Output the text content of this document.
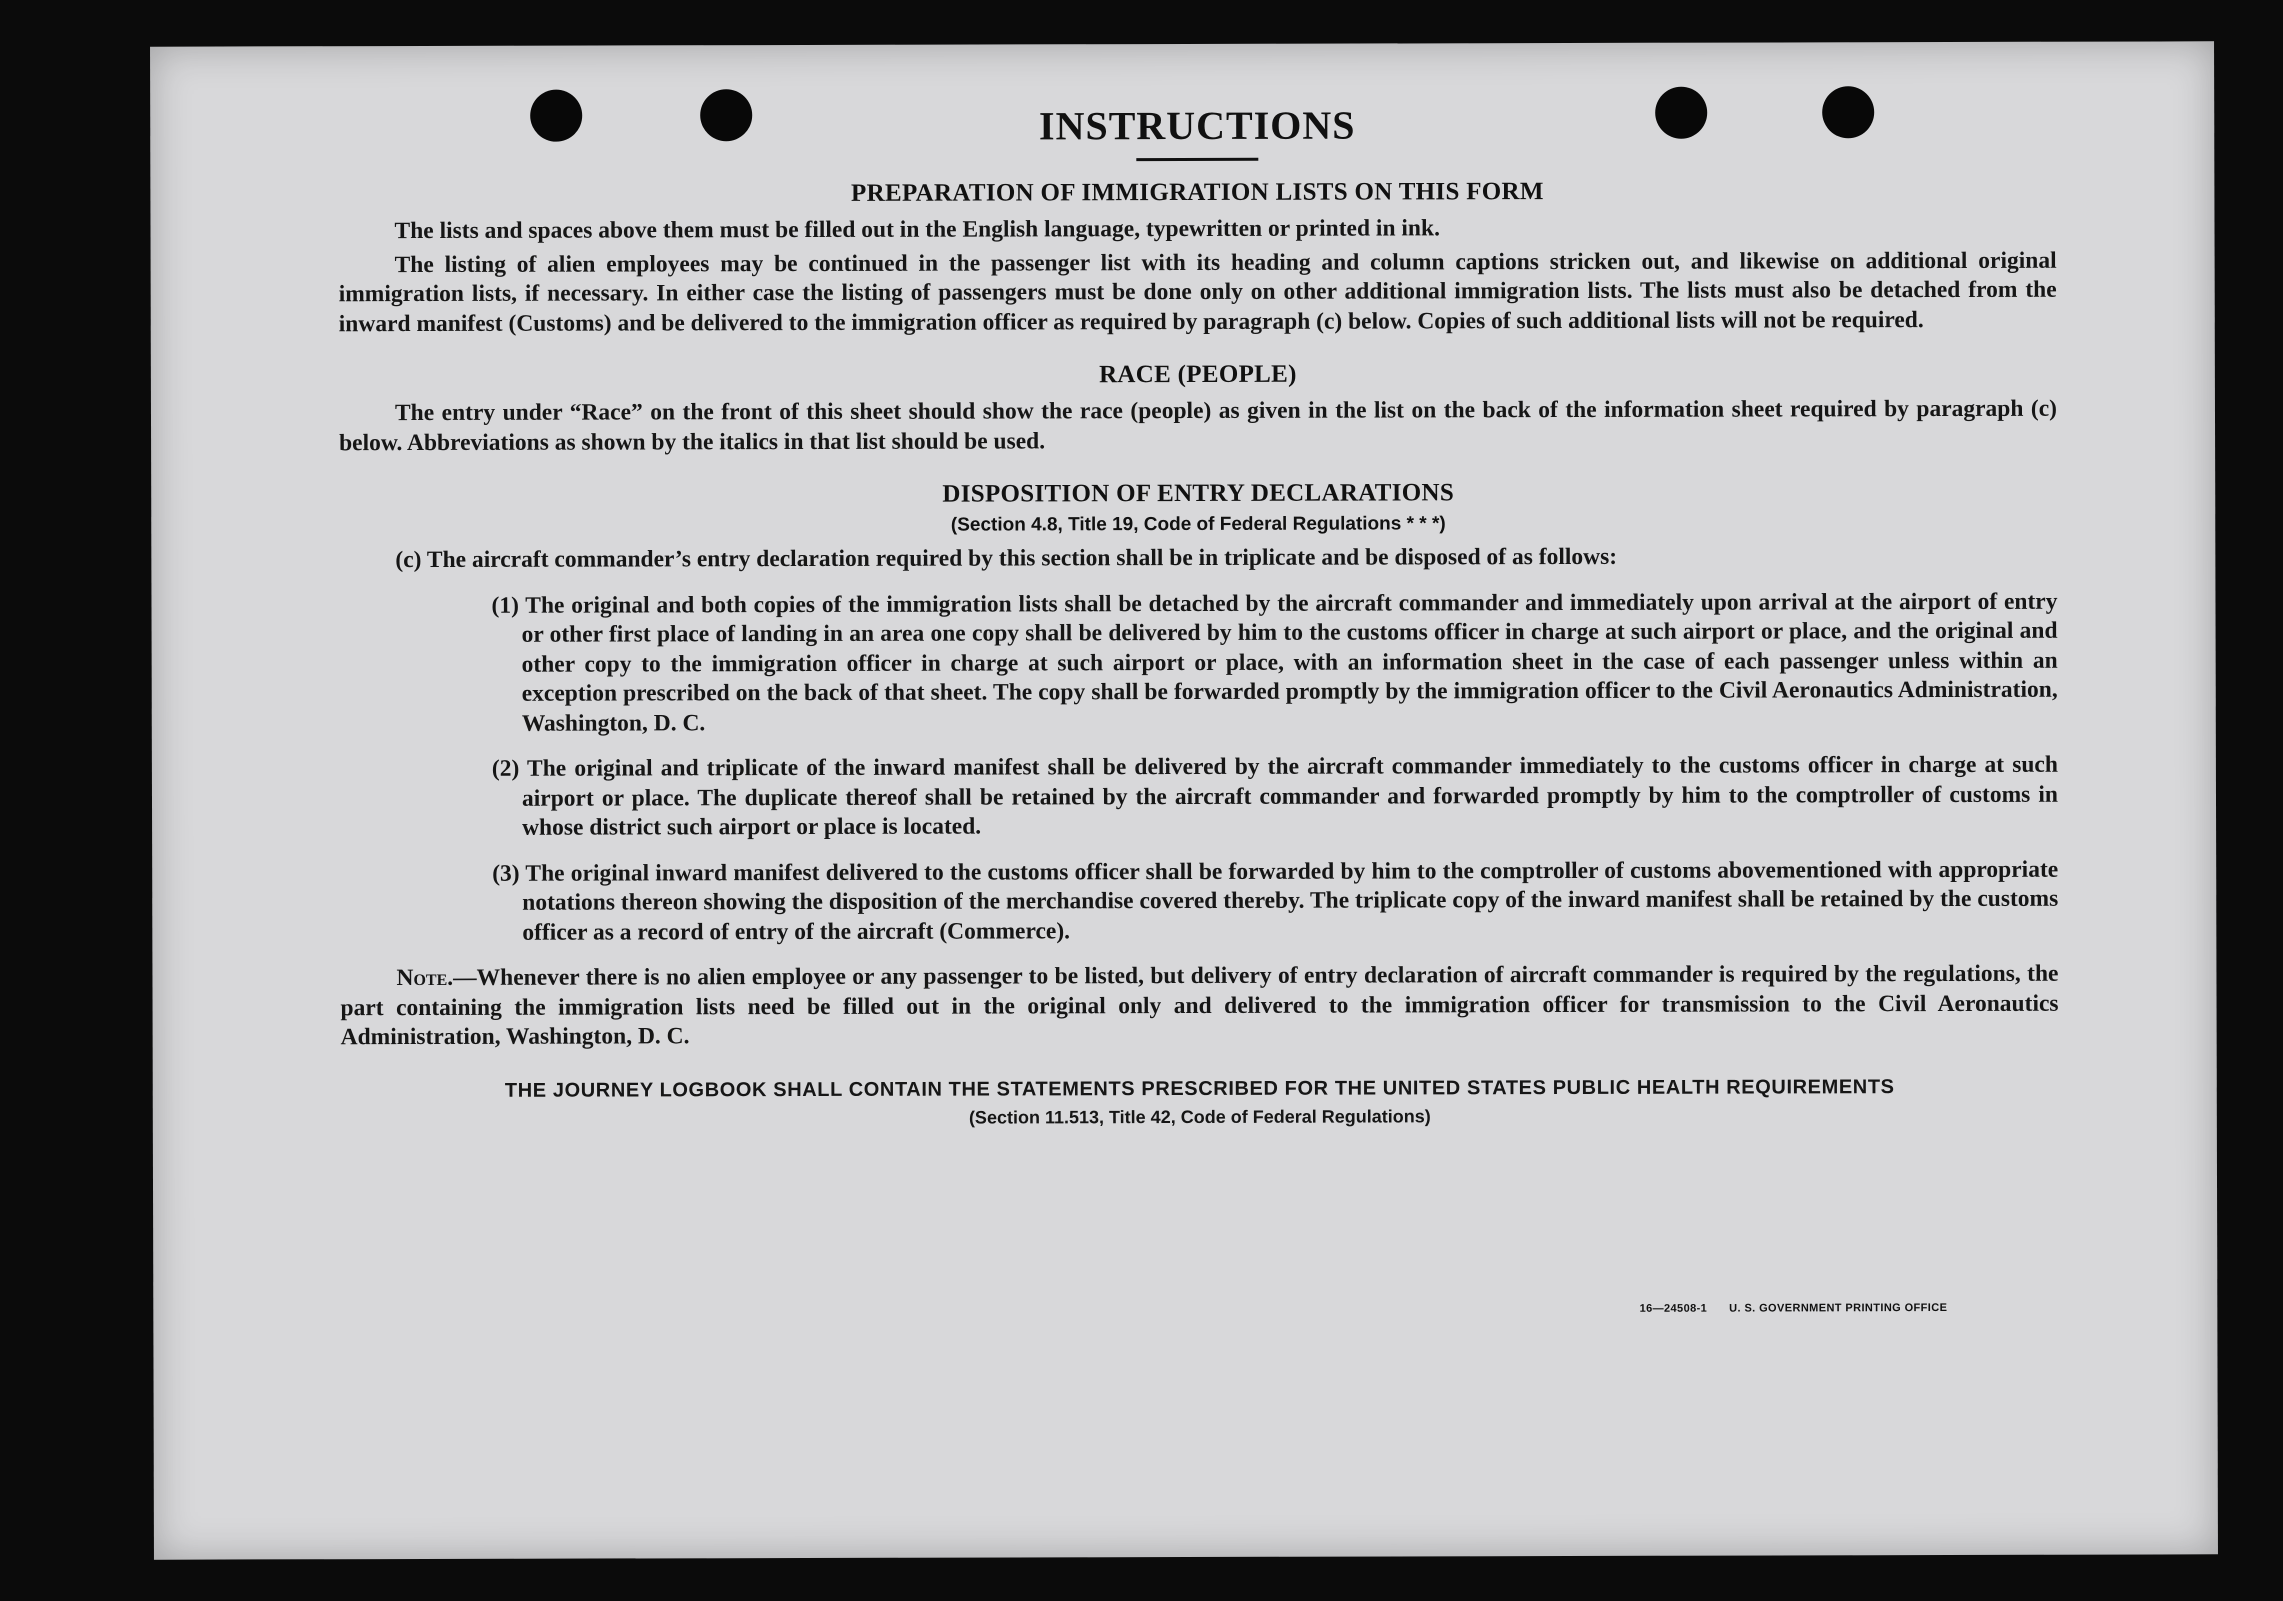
INSTRUCTIONS
PREPARATION OF IMMIGRATION LISTS ON THIS FORM

The lists and spaces above them must be filled out in the English language, typewritten or printed in ink.

The listing of alien employees may be continued in the passenger list with its heading and column captions stricken out, and likewise on additional original immigration lists, if necessary. In either case the listing of passengers must be done only on other additional immigration lists. The lists must also be detached from the inward manifest (Customs) and be delivered to the immigration officer as required by paragraph (c) below. Copies of such additional lists will not be required.

RACE (PEOPLE)

The entry under “Race” on the front of this sheet should show the race (people) as given in the list on the back of the information sheet required by paragraph (c) below. Abbreviations as shown by the italics in that list should be used.

DISPOSITION OF ENTRY DECLARATIONS
(Section 4.8, Title 19, Code of Federal Regulations * * *)

(c) The aircraft commander’s entry declaration required by this section shall be in triplicate and be disposed of as follows:

(1) The original and both copies of the immigration lists shall be detached by the aircraft commander and immediately upon arrival at the airport of entry or other first place of landing in an area one copy shall be delivered by him to the customs officer in charge at such airport or place, and the original and other copy to the immigration officer in charge at such airport or place, with an information sheet in the case of each passenger unless within an exception prescribed on the back of that sheet. The copy shall be forwarded promptly by the immigration officer to the Civil Aeronautics Administration, Washington, D. C.

(2) The original and triplicate of the inward manifest shall be delivered by the aircraft commander immediately to the customs officer in charge at such airport or place. The duplicate thereof shall be retained by the aircraft commander and forwarded promptly by him to the comptroller of customs in whose district such airport or place is located.

(3) The original inward manifest delivered to the customs officer shall be forwarded by him to the comptroller of customs abovementioned with appropriate notations thereon showing the disposition of the merchandise covered thereby. The triplicate copy of the inward manifest shall be retained by the customs officer as a record of entry of the aircraft (Commerce).

Note.—Whenever there is no alien employee or any passenger to be listed, but delivery of entry declaration of aircraft commander is required by the regulations, the part containing the immigration lists need be filled out in the original only and delivered to the immigration officer for transmission to the Civil Aeronautics Administration, Washington, D. C.

THE JOURNEY LOGBOOK SHALL CONTAIN THE STATEMENTS PRESCRIBED FOR THE UNITED STATES PUBLIC HEALTH REQUIREMENTS

(Section 11.513, Title 42, Code of Federal Regulations)

16—24508-1 U. S. GOVERNMENT PRINTING OFFICE
